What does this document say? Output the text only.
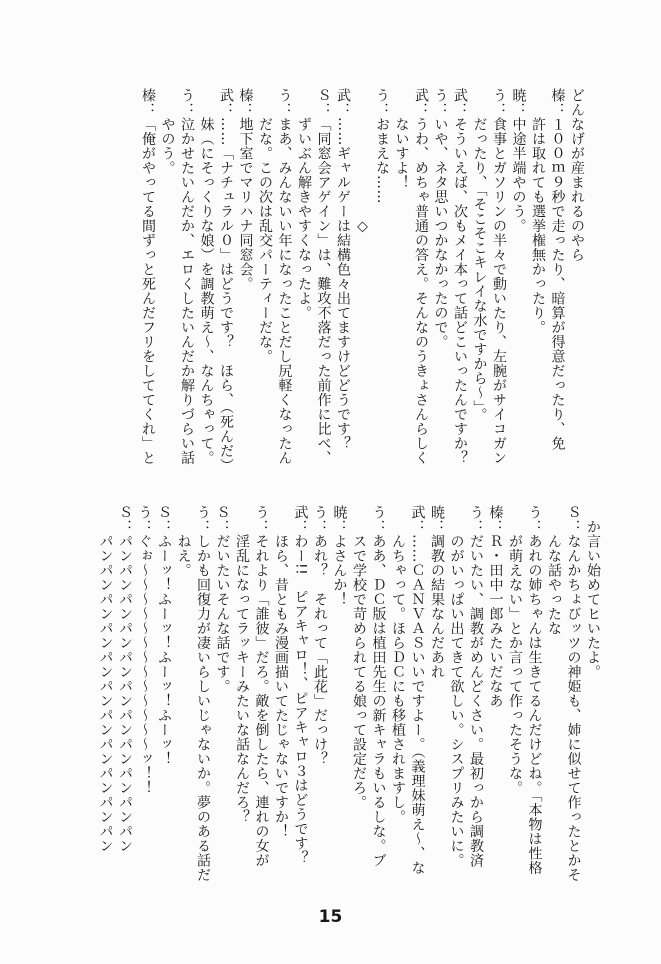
どんなげが産まれるのやら
榛：１００ｍ９秒で走ったり、暗算が得意だったり、免
　　許は取れても選挙権無かったり。
暁：中途半端やのう。
う：食事とガソリンの半々で動いたり、左腕がサイコガン
　　だったり、「そこそこキレイな水ですから～」。
武：そういえば、次もメイ本って話どこいったんですか？
う：いや、ネタ思いつかなかったので。
武：うわ、めちゃ普通の答え。そんなのうきょさんらしく
　　ないすよ！
う：おまえな……
　　　　　　　　　◇
武：……ギャルゲーは結構色々出てますけどどうです？
Ｓ：「同窓会アゲイン」は、難攻不落だった前作に比べ、
　　ずいぶん解きやすくなったよ。
う：まあ、みんないい年になったことだし尻軽くなったん
　　だな。この次は乱交パーティーだな。
榛：地下室でマリハナ同窓会。
武：……「ナチュラル０」はどうです？　ほら、（死んだ）
　　妹（にそっくりな娘）を調教萌え～、なんちゃって。
う：泣かせたいんだか、エロくしたいんだか解りづらい話
　　やのう。
榛：「俺がやってる間ずっと死んだフリをしててくれ」と
　か言い始めてヒいたよ。
Ｓ：なんかちょびッツの神姫も、姉に似せて作ったとかそ
　　んな話やったな
う：あれの姉ちゃんは生きてるんだけどね。「本物は性格
　　が萌えない」とか言って作ったそうな。
榛：Ｒ・田中一郎みたいだなあ
う：だいたい、調教がめんどくさい。最初っから調教済
　　のがいっぱい出てきて欲しい。シスプリみたいに。
暁：調教の結果なんだあれ
武：……ＣＡＮＶＡＳいいですよー。（義理妹萌え～、な
　　んちゃって。ほらＤＣにも移植されますし。
う：ああ、ＤＣ版は植田先生の新キャラもいるしな。ブ
　　スで学校で苛められてる娘って設定だろ。
暁：よさんか！
う：あれ？　それって「此花」だっけ？
武：わー!!　ピアキャロ！、ピアキャロ３はどうです？
　　ほら、昔ともみ漫画描いてたじゃないですか！
う：それより「誰彼」だろ。敵を倒したら、連れの女が
　　淫乱になってラッキーみたいな話なんだろ？
Ｓ：だいたいそんな話です。
う：しかも回復力が凄いらしいじゃないか。夢のある話だ
　　ねえ。
Ｓ：ふーッ！ふーッ！ふーッ！ふーッ！
う：ぐぉ～～～～～～～～～～～～～ッ！！
Ｓ：パンパンパンパンパンパンパンパンパンパンパン
　　パンパンパンパンパンパンパンパンパンパンパン
15
